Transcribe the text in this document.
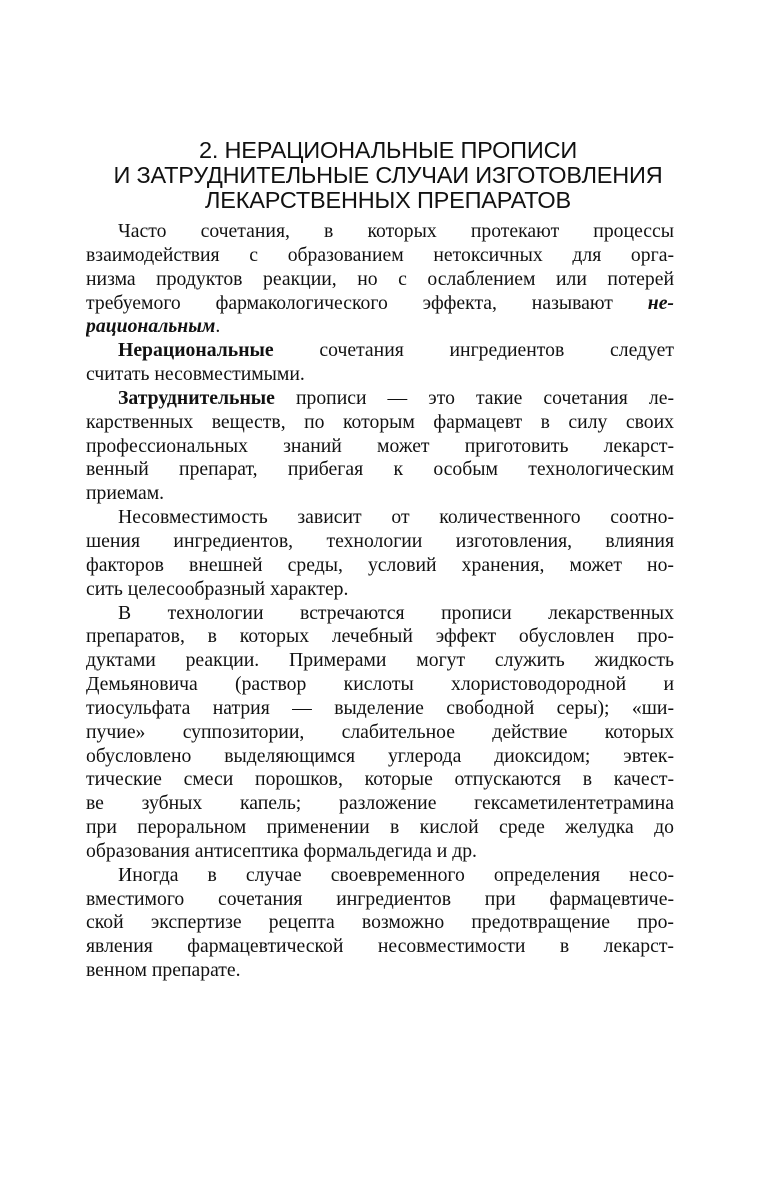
2. НЕРАЦИОНАЛЬНЫЕ ПРОПИСИ
И ЗАТРУДНИТЕЛЬНЫЕ СЛУЧАИ ИЗГОТОВЛЕНИЯ
ЛЕКАРСТВЕННЫХ ПРЕПАРАТОВ

Часто сочетания, в которых протекают процессы
взаимодействия с образованием нетоксичных для орга-
низма продуктов реакции, но с ослаблением или потерей
требуемого фармакологического эффекта, называют не-
рациональным.

Нерациональные сочетания ингредиентов следует
считать несовместимыми.

Затруднительные прописи — это такие сочетания ле-
карственных веществ, по которым фармацевт в силу своих
профессиональных знаний может приготовить лекарст-
венный препарат, прибегая к особым технологическим
приемам.

Несовместимость зависит от количественного соотно-
шения ингредиентов, технологии изготовления, влияния
факторов внешней среды, условий хранения, может но-
сить целесообразный характер.

В технологии встречаются прописи лекарственных
препаратов, в которых лечебный эффект обусловлен про-
дуктами реакции. Примерами могут служить жидкость
Демьяновича (раствор кислоты хлористоводородной и
тиосульфата натрия — выделение свободной серы); «ши-
пучие» суппозитории, слабительное действие которых
обусловлено выделяющимся углерода диоксидом; эвтек-
тические смеси порошков, которые отпускаются в качест-
ве зубных капель; разложение гексаметилентетрамина
при пероральном применении в кислой среде желудка до
образования антисептика формальдегида и др.

Иногда в случае своевременного определения несо-
вместимого сочетания ингредиентов при фармацевтиче-
ской экспертизе рецепта возможно предотвращение про-
явления фармацевтической несовместимости в лекарст-
венном препарате.
